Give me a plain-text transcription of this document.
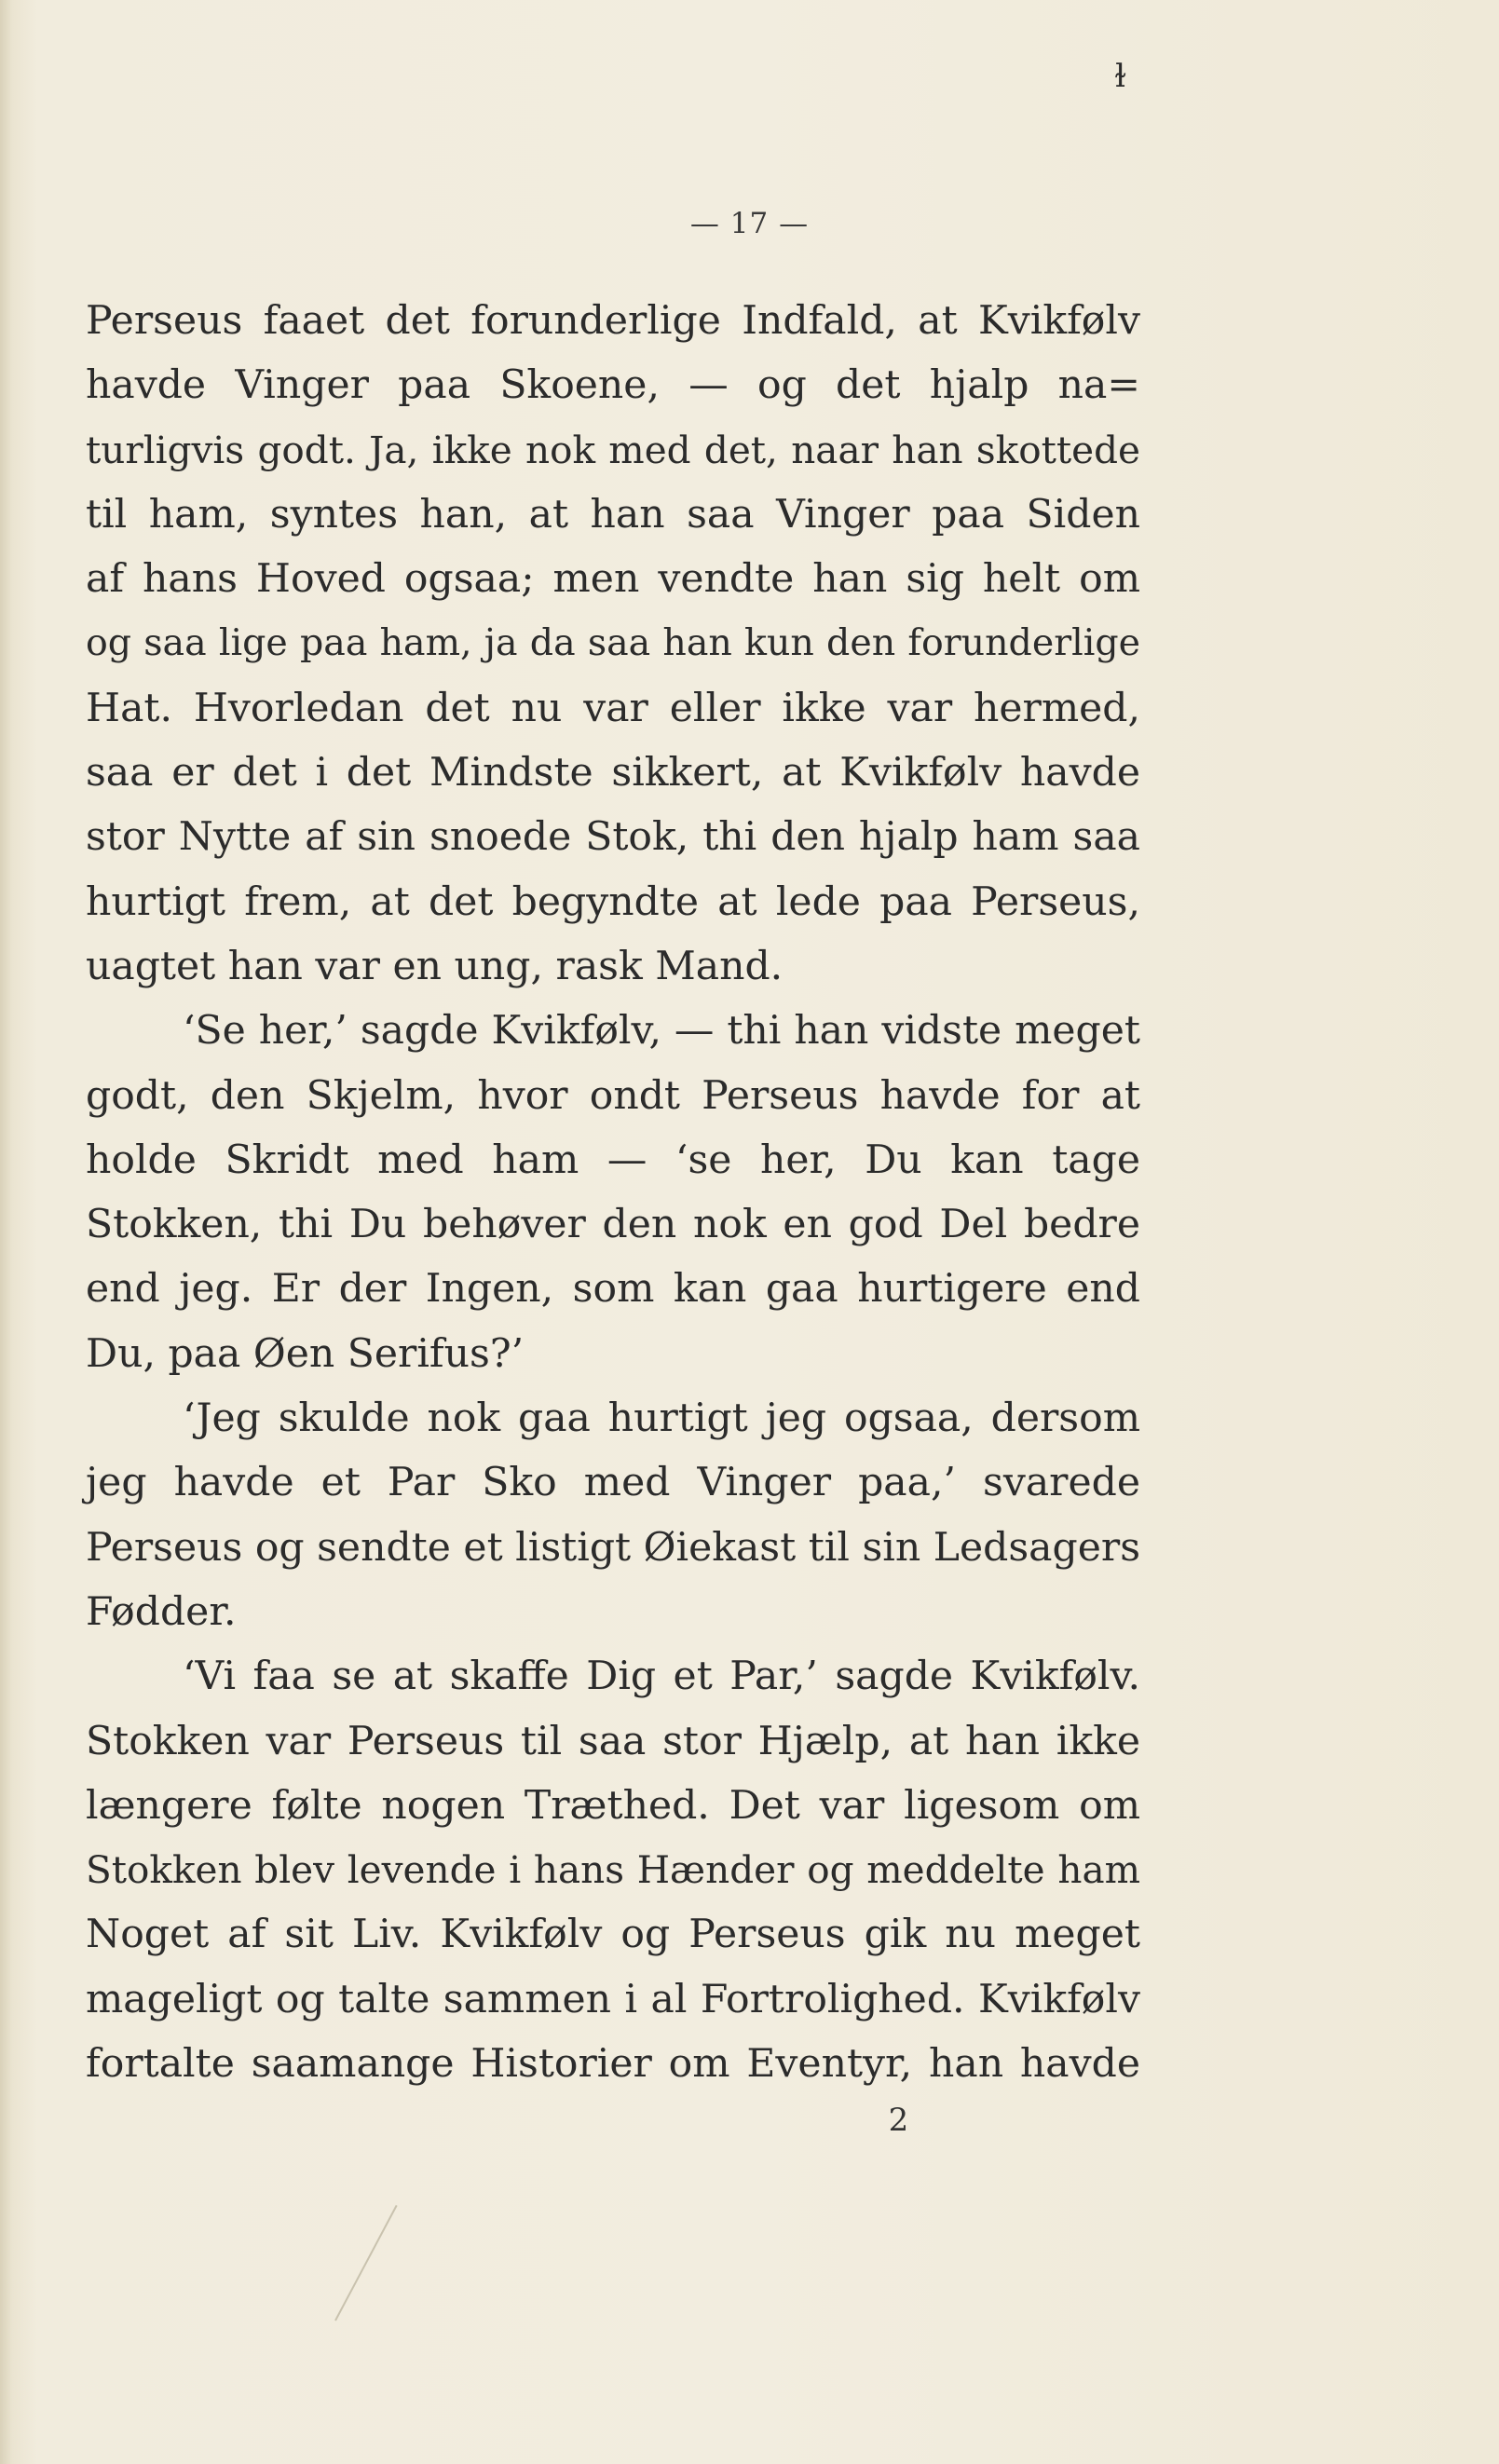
ɫ
— 17 —
Perseus faaet det forunderlige Indfald, at Kvikfølv
havde Vinger paa Skoene, — og det hjalp na=
turligvis godt. Ja, ikke nok med det, naar han skottede
til ham, syntes han, at han saa Vinger paa Siden
af hans Hoved ogsaa; men vendte han sig helt om
og saa lige paa ham, ja da saa han kun den forunderlige
Hat. Hvorledan det nu var eller ikke var hermed,
saa er det i det Mindste sikkert, at Kvikfølv havde
stor Nytte af sin snoede Stok, thi den hjalp ham saa
hurtigt frem, at det begyndte at lede paa Perseus,
uagtet han var en ung, rask Mand.
‘Se her,’ sagde Kvikfølv, — thi han vidste meget
godt, den Skjelm, hvor ondt Perseus havde for at
holde Skridt med ham — ‘se her, Du kan tage
Stokken, thi Du behøver den nok en god Del bedre
end jeg. Er der Ingen, som kan gaa hurtigere end
Du, paa Øen Serifus?’
‘Jeg skulde nok gaa hurtigt jeg ogsaa, dersom
jeg havde et Par Sko med Vinger paa,’ svarede
Perseus og sendte et listigt Øiekast til sin Ledsagers
Fødder.
‘Vi faa se at skaffe Dig et Par,’ sagde Kvikfølv.
Stokken var Perseus til saa stor Hjælp, at han ikke
længere følte nogen Træthed. Det var ligesom om
Stokken blev levende i hans Hænder og meddelte ham
Noget af sit Liv. Kvikfølv og Perseus gik nu meget
mageligt og talte sammen i al Fortrolighed. Kvikfølv
fortalte saamange Historier om Eventyr, han havde
2
